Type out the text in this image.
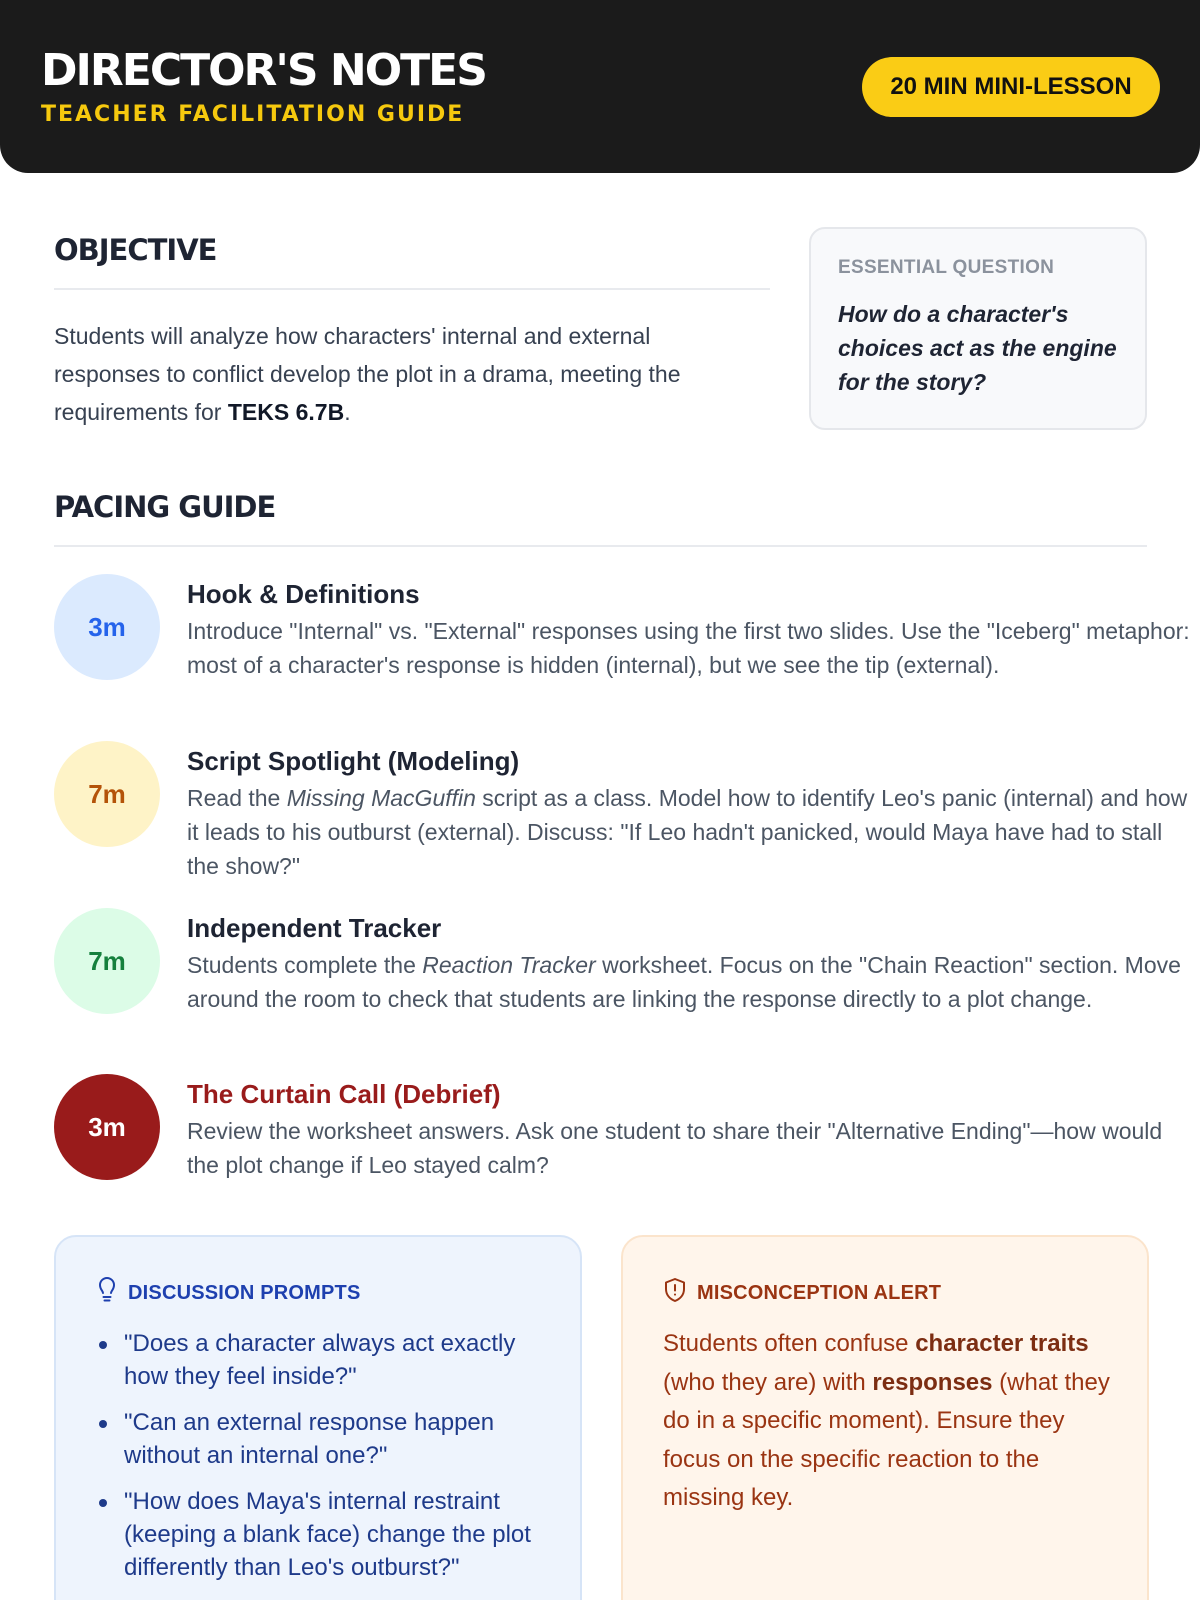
DIRECTOR'S NOTES
TEACHER FACILITATION GUIDE
20 MIN MINI-LESSON
OBJECTIVE
Students will analyze how characters' internal and external responses to conflict develop the plot in a drama, meeting the requirements for TEKS 6.7B.
ESSENTIAL QUESTION
How do a character's choices act as the engine for the story?
PACING GUIDE
3m
Hook & Definitions
Introduce "Internal" vs. "External" responses using the first two slides. Use the "Iceberg" metaphor: most of a character's response is hidden (internal), but we see the tip (external).
7m
Script Spotlight (Modeling)
Read the Missing MacGuffin script as a class. Model how to identify Leo's panic (internal) and how it leads to his outburst (external). Discuss: "If Leo hadn't panicked, would Maya have had to stall the show?"
7m
Independent Tracker
Students complete the Reaction Tracker worksheet. Focus on the "Chain Reaction" section. Move around the room to check that students are linking the response directly to a plot change.
3m
The Curtain Call (Debrief)
Review the worksheet answers. Ask one student to share their "Alternative Ending"—how would the plot change if Leo stayed calm?
DISCUSSION PROMPTS
"Does a character always act exactly how they feel inside?"
"Can an external response happen without an internal one?"
"How does Maya's internal restraint (keeping a blank face) change the plot differently than Leo's outburst?"
MISCONCEPTION ALERT
Students often confuse character traits (who they are) with responses (what they do in a specific moment). Ensure they focus on the specific reaction to the missing key.
